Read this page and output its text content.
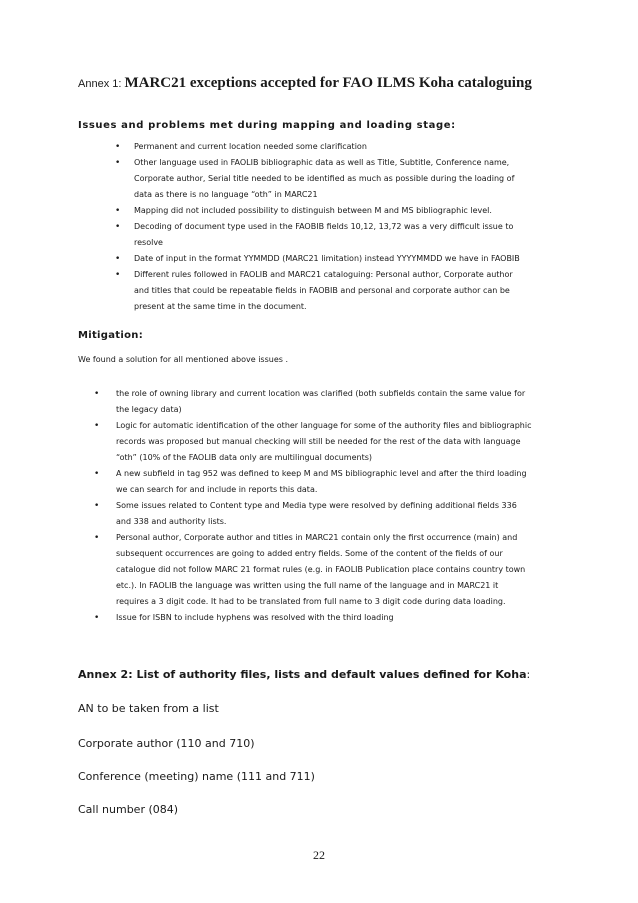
Annex 1: MARC21 exceptions accepted for FAO ILMS Koha cataloguing
Issues and problems met during mapping and loading stage:
• Permanent and current location needed some clarification
• Other language used in FAOLIB bibliographic data as well as Title, Subtitle, Conference name,
Corporate author, Serial title needed to be identified as much as possible during the loading of
data as there is no language “oth” in MARC21
• Mapping did not included possibility to distinguish between M and MS bibliographic level.
• Decoding of document type used in the FAOBIB fields 10,12, 13,72 was a very difficult issue to
resolve
• Date of input in the format YYMMDD (MARC21 limitation) instead YYYYMMDD we have in FAOBIB
• Different rules followed in FAOLIB and MARC21 cataloguing: Personal author, Corporate author
and titles that could be repeatable fields in FAOBIB and personal and corporate author can be
present at the same time in the document.
Mitigation:
We found a solution for all mentioned above issues .
• the role of owning library and current location was clarified (both subfields contain the same value for
the legacy data)
• Logic for automatic identification of the other language for some of the authority files and bibliographic
records was proposed but manual checking will still be needed for the rest of the data with language
“oth” (10% of the FAOLIB data only are multilingual documents)
• A new subfield in tag 952 was defined to keep M and MS bibliographic level and after the third loading
we can search for and include in reports this data.
• Some issues related to Content type and Media type were resolved by defining additional fields 336
and 338 and authority lists.
• Personal author, Corporate author and titles in MARC21 contain only the first occurrence (main) and
subsequent occurrences are going to added entry fields. Some of the content of the fields of our
catalogue did not follow MARC 21 format rules (e.g. in FAOLIB Publication place contains country town
etc.). In FAOLIB the language was written using the full name of the language and in MARC21 it
requires a 3 digit code. It had to be translated from full name to 3 digit code during data loading.
• Issue for ISBN to include hyphens was resolved with the third loading
Annex 2: List of authority files, lists and default values defined for Koha:
AN to be taken from a list
Corporate author (110 and 710)
Conference (meeting) name (111 and 711)
Call number (084)
22
